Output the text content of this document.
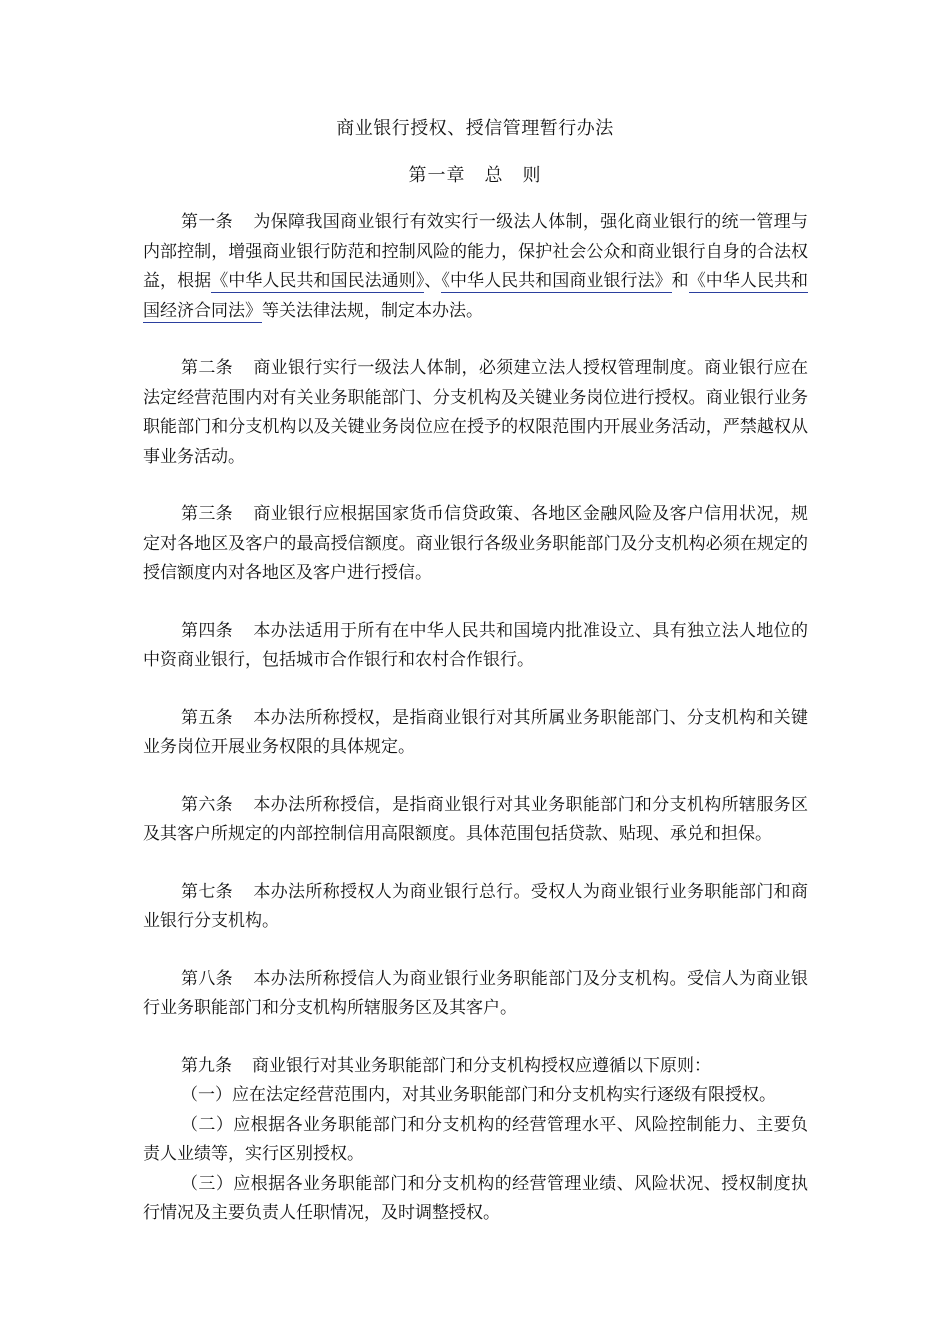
商业银行授权、授信管理暂行办法
第一章　总　则

第一条 为保障我国商业银行有效实行一级法人体制，强化商业银行的统一管理与内部控制，增强商业银行防范和控制风险的能力，保护社会公众和商业银行自身的合法权益，根据《中华人民共和国民法通则》、《中华人民共和国商业银行法》和《中华人民共和国经济合同法》等关法律法规，制定本办法。

第二条 商业银行实行一级法人体制，必须建立法人授权管理制度。商业银行应在法定经营范围内对有关业务职能部门、分支机构及关键业务岗位进行授权。商业银行业务职能部门和分支机构以及关键业务岗位应在授予的权限范围内开展业务活动，严禁越权从事业务活动。

第三条 商业银行应根据国家货币信贷政策、各地区金融风险及客户信用状况，规定对各地区及客户的最高授信额度。商业银行各级业务职能部门及分支机构必须在规定的授信额度内对各地区及客户进行授信。

第四条 本办法适用于所有在中华人民共和国境内批准设立、具有独立法人地位的中资商业银行，包括城市合作银行和农村合作银行。

第五条 本办法所称授权，是指商业银行对其所属业务职能部门、分支机构和关键业务岗位开展业务权限的具体规定。

第六条 本办法所称授信，是指商业银行对其业务职能部门和分支机构所辖服务区及其客户所规定的内部控制信用高限额度。具体范围包括贷款、贴现、承兑和担保。

第七条 本办法所称授权人为商业银行总行。受权人为商业银行业务职能部门和商业银行分支机构。

第八条 本办法所称授信人为商业银行业务职能部门及分支机构。受信人为商业银行业务职能部门和分支机构所辖服务区及其客户。

第九条 商业银行对其业务职能部门和分支机构授权应遵循以下原则：

（一）应在法定经营范围内，对其业务职能部门和分支机构实行逐级有限授权。

（二）应根据各业务职能部门和分支机构的经营管理水平、风险控制能力、主要负责人业绩等，实行区别授权。

（三）应根据各业务职能部门和分支机构的经营管理业绩、风险状况、授权制度执行情况及主要负责人任职情况，及时调整授权。
